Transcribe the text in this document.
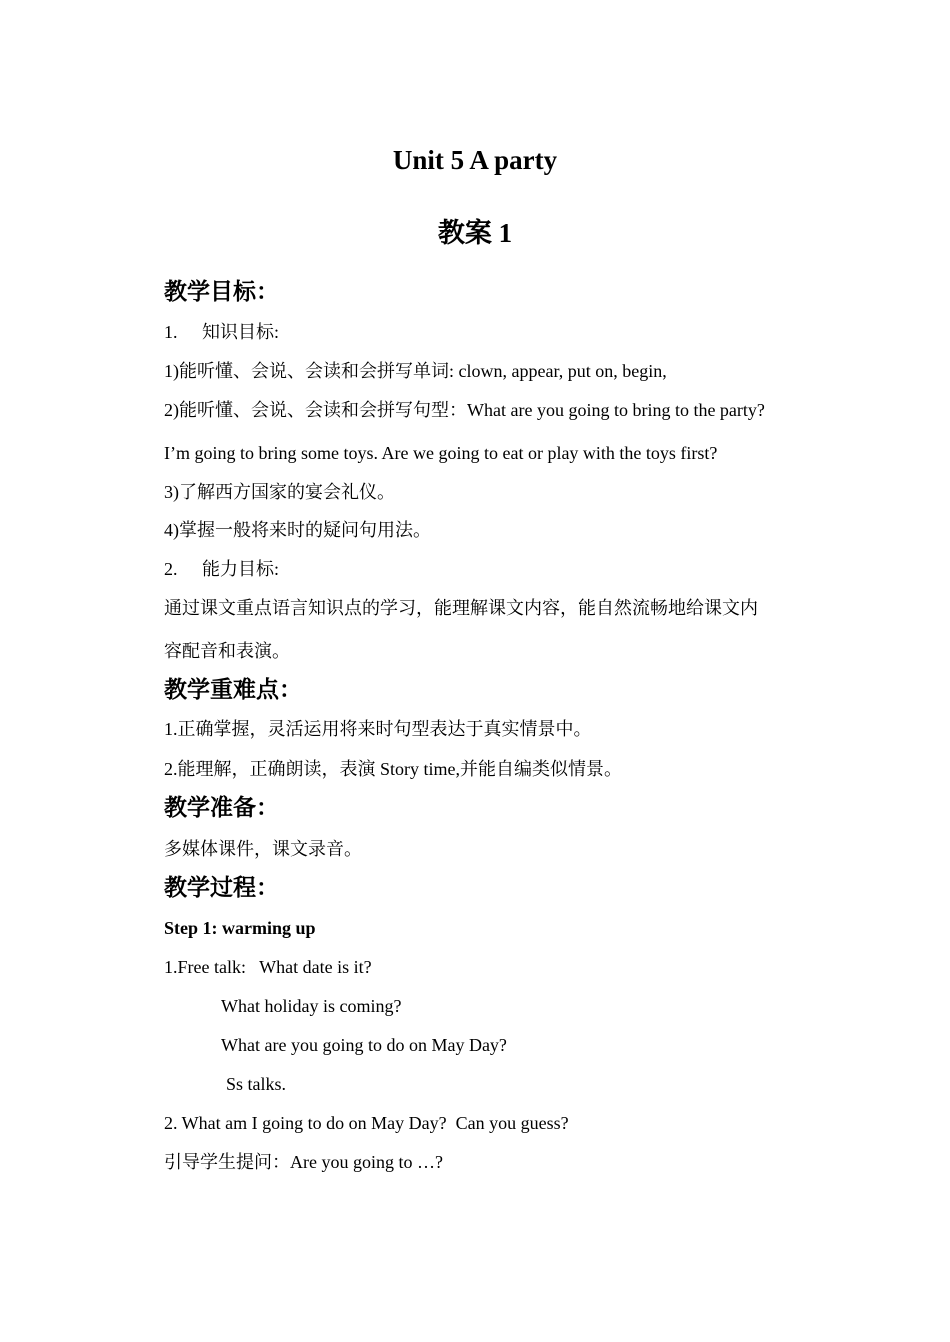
Unit 5 A party
教案 1
教学目标：
1. 知识目标:
1)能听懂、会说、会读和会拼写单词: clown, appear, put on, begin,
2)能听懂、会说、会读和会拼写句型：What are you going to bring to the party?
I’m going to bring some toys. Are we going to eat or play with the toys first?
3)了解西方国家的宴会礼仪。
4)掌握一般将来时的疑问句用法。
2. 能力目标:
通过课文重点语言知识点的学习，能理解课文内容，能自然流畅地给课文内
容配音和表演。
教学重难点：
1.正确掌握，灵活运用将来时句型表达于真实情景中。
2.能理解，正确朗读，表演 Story time,并能自编类似情景。
教学准备：
多媒体课件，课文录音。
教学过程：
Step 1: warming up
1.Free talk:   What date is it?
What holiday is coming?
What are you going to do on May Day?
Ss talks.
2. What am I going to do on May Day?  Can you guess?
引导学生提问：Are you going to …?
